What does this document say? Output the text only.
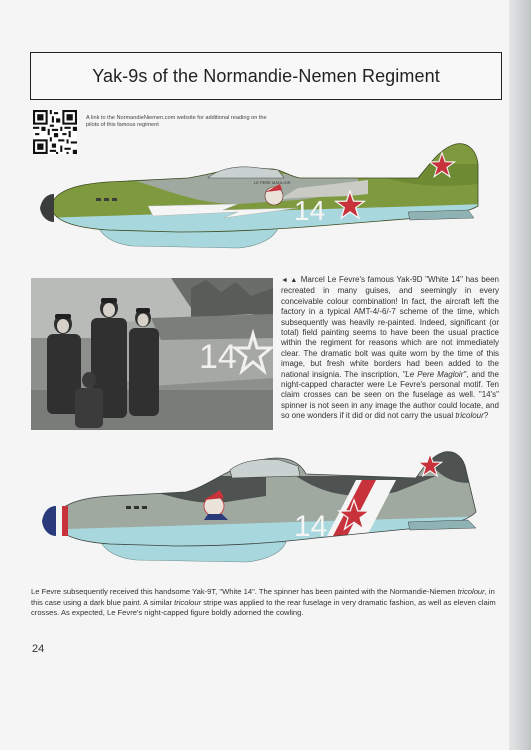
Yak-9s of the Normandie-Nemen Regiment
A link to the NormandieNiemen.com website for additional reading on the pilots of this famous regiment
LE PERE MAGLOIR
14
14
◄ ▲ Marcel Le Fevre's famous Yak-9D "White 14" has been recreated in many guises, and seemingly in every conceivable colour combination! In fact, the aircraft left the factory in a typical AMT-4/-6/-7 scheme of the time, which subsequently was heavily re-painted. Indeed, significant (or total) field painting seems to have been the usual practice within the regiment for reasons which are not immediately clear. The dramatic bolt was quite worn by the time of this image, but fresh white borders had been added to the national insignia. The inscription, "Le Pere Magloir", and the night-capped character were Le Fevre's personal motif. Ten claim crosses can be seen on the fuselage as well. "14's" spinner is not seen in any image the author could locate, and so one wonders if it did or did not carry the usual tricolour?
14
Le Fevre subsequently received this handsome Yak-9T, "White 14". The spinner has been painted with the Normandie-Niemen tricolour, in this case using a dark blue paint. A similar tricolour stripe was applied to the rear fuselage in very dramatic fashion, as well as eleven claim crosses. As expected, Le Fevre's night-capped figure boldly adorned the cowling.
24
